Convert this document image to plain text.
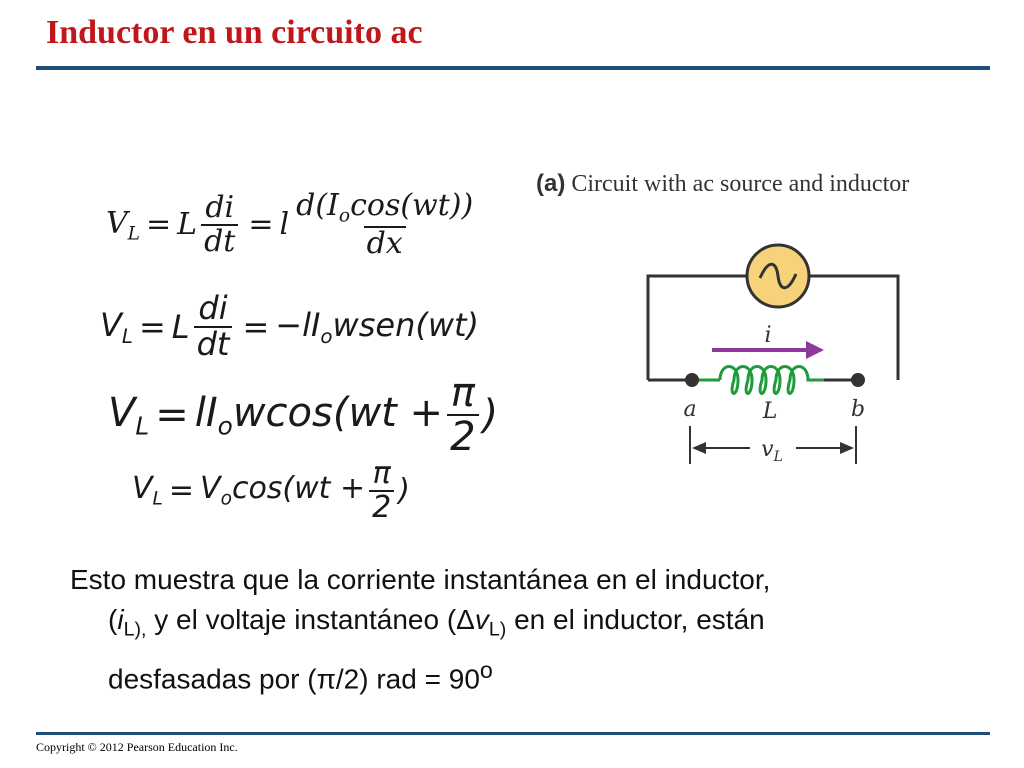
Inductor en un circuito ac
$V_L = L \frac{di}{dt} = l \frac{d(I_o\cos(wt))}{dx}$
$V_L = L \frac{di}{dt}$ = $-lI_owsen(wt)$
$V_L = lI_owcos(wt + \frac{\pi}{2}$ )
$V_L = V_o\cos(wt + \frac{\pi}{2}$ )
(a) Circuit with ac source and inductor
i
a	b
L
$v_L$
Esto muestra que la corriente instantánea en el inductor,
($i_{L),}$ y el voltaje instantáneo ($\Delta v_{L)}$ en el inductor, están
desfasadas por (π/2) rad = $90^o$
Copyright © 2012 Pearson Education Inc.
